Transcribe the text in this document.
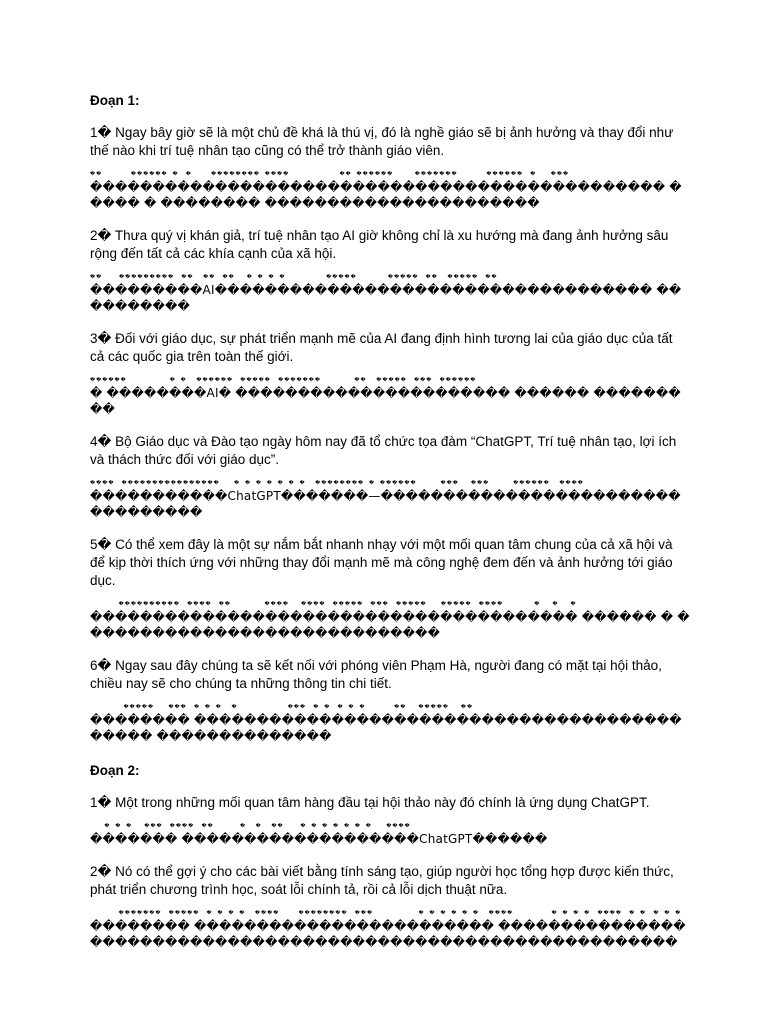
Đoạn 1:
1� Ngay bây giờ sẽ là một chủ đề khá là thú vị, đó là nghề giáo sẽ bị ảnh hưởng và thay đổi như thế nào khi trí tuệ nhân tạo cũng có thể trở thành giáo viên.
��            ������  �   �        ��������  ����                     ��  ������         �������            ������   �      ���
���������������������������������������������� ����� � �������� ����������������������
2� Thưa quý vị khán giả, trí tuệ nhân tạo AI giờ không chỉ là xu hướng mà đang ảnh hưởng sâu rộng đến tất cả các khía cạnh của xã hội.
��       ���������   ��    ��   ��     �  �  �  �                 �����             �����   ��    �����   ��
���������AI����������������������������������� ����������
3� Đối với giáo dục, sự phát triển mạnh mẽ của AI đang định hình tương lai của giáo dục của tất cả các quốc gia trên toàn thế giới.
������                  �  �    ������   �����   �������              ��    �����   ���   ������
� ��������AI� ���������������������� ������ ���������
4� Bộ Giáo dục và Đào tạo ngày hôm nay đã tổ chức tọa đàm “ChatGPT, Trí tuệ nhân tạo, lợi ích và thách thức đối với giáo dục”.
����   ����������������      �  �  �  �  �  �  �    ��������  �  ������          ���     ���          ������    ����
�����������ChatGPT�������—���������������������������������
5� Có thể xem đây là một sự nắm bắt nhanh nhạy với một mối quan tâm chung của cả xã hội và để kịp thời thích ứng với những thay đổi mạnh mẽ mà công nghệ đem đến và ảnh hưởng tới giáo dục.
����������   ����   ��              ����     ����   �����   ���   �����      �����   ����             �     �     �
��������������������������������������� ������ � �����������������������������
6� Ngay sau đây chúng ta sẽ kết nối với phóng viên Phạm Hà, người đang có mặt tại hội thảo, chiều nay sẽ cho chúng ta những thông tin chi tiết.
�����      ���   �  �  �    �                     ���   �  �   �  �  �            ��     �����     ��
�������� �������������������������������������������� ��������������
Đoạn 2:
1� Một trong những mối quan tâm hàng đầu tại hội thảo này đó chính là ứng dụng ChatGPT.
�  �  �     ���   ����   ��           �    �    ��       �  �  �  �  �  �  �      ����
������� �������������������ChatGPT������
2� Nó có thể gợi ý cho các bài viết bằng tính sáng tạo, giúp người học tổng hợp được kiến thức, phát triển chương trình học, soát lỗi chính tả, rồi cả lỗi dịch thuật nữa.
�������   �����   �  �  �  �    ����        ��������   ���                   �  �  �  �  �  �    ����                �  �  �  �   ����   �  �   �  �  �
�������� ������������������������ ��������������������������������������������������������������
